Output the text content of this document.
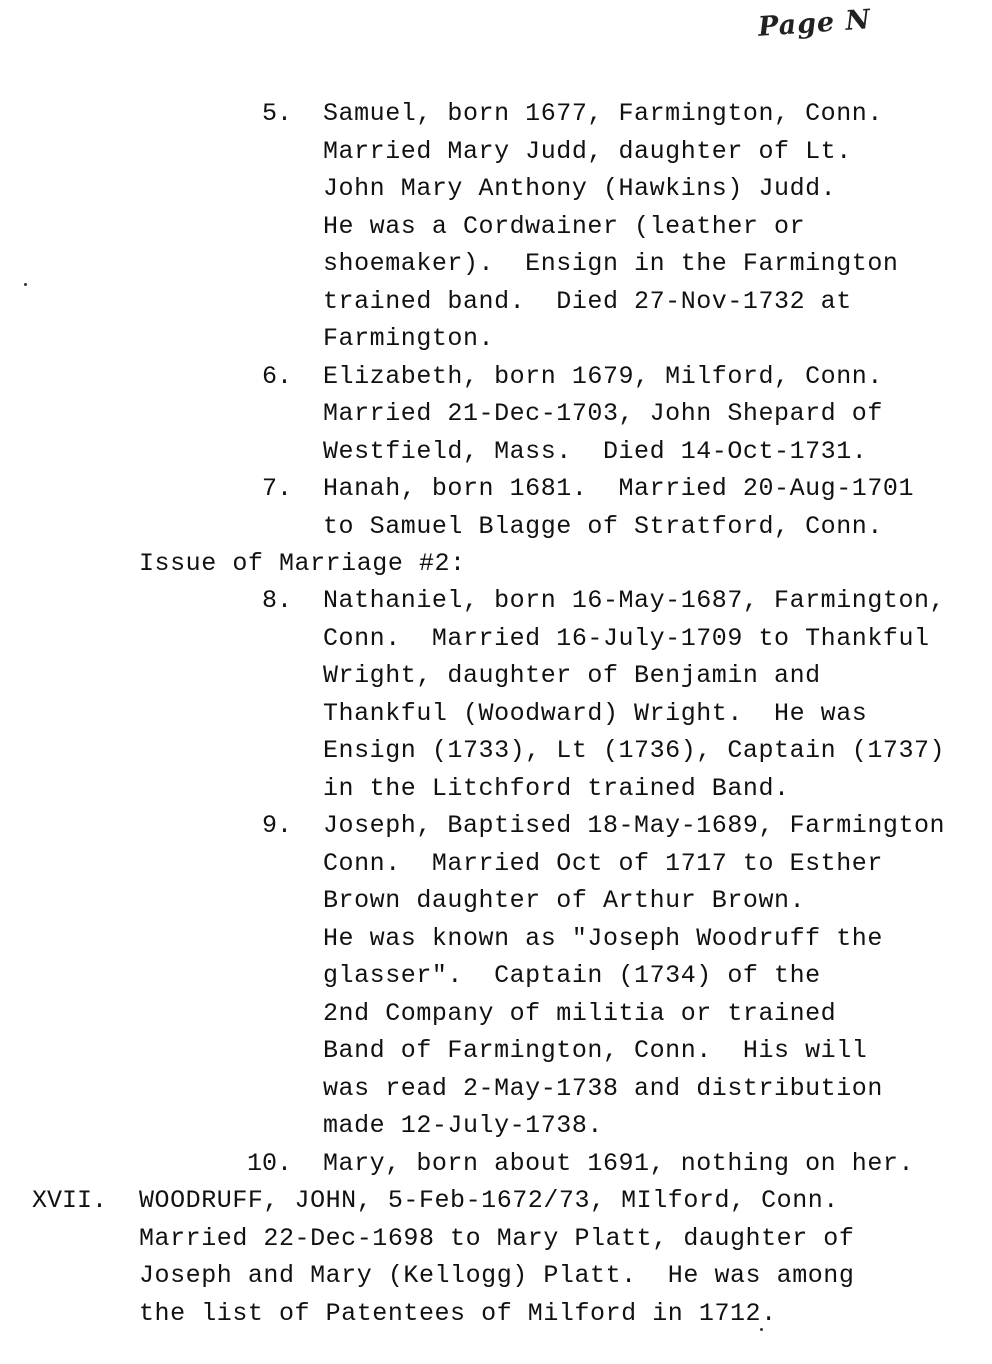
Page N
5. Samuel, born 1677, Farmington, Conn.
Married Mary Judd, daughter of Lt.
John Mary Anthony (Hawkins) Judd.
He was a Cordwainer (leather or
shoemaker).  Ensign in the Farmington
trained band.  Died 27-Nov-1732 at
Farmington.
6. Elizabeth, born 1679, Milford, Conn.
Married 21-Dec-1703, John Shepard of
Westfield, Mass.  Died 14-Oct-1731.
7. Hanah, born 1681.  Married 20-Aug-1701
to Samuel Blagge of Stratford, Conn.
Issue of Marriage #2:
8. Nathaniel, born 16-May-1687, Farmington,
Conn.  Married 16-July-1709 to Thankful
Wright, daughter of Benjamin and
Thankful (Woodward) Wright.  He was
Ensign (1733), Lt (1736), Captain (1737)
in the Litchford trained Band.
9. Joseph, Baptised 18-May-1689, Farmington
Conn.  Married Oct of 1717 to Esther
Brown daughter of Arthur Brown.
He was known as "Joseph Woodruff the
glasser".  Captain (1734) of the
2nd Company of militia or trained
Band of Farmington, Conn.  His will
was read 2-May-1738 and distribution
made 12-July-1738.
10. Mary, born about 1691, nothing on her.
XVII. WOODRUFF, JOHN, 5-Feb-1672/73, MIlford, Conn.
Married 22-Dec-1698 to Mary Platt, daughter of
Joseph and Mary (Kellogg) Platt.  He was among
the list of Patentees of Milford in 1712.
